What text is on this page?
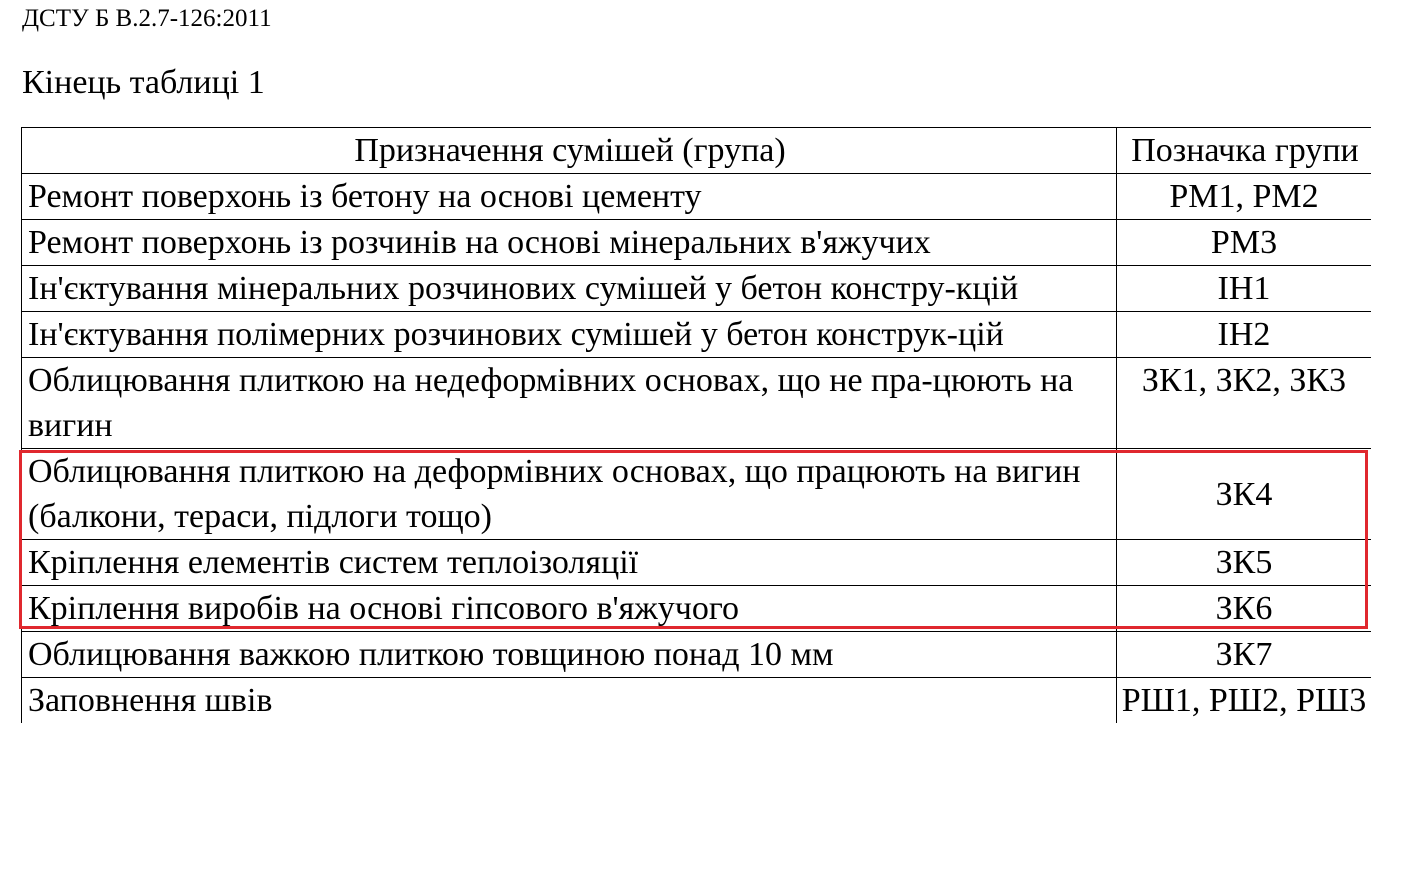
ДСТУ Б В.2.7-126:2011
Кінець таблиці 1
Призначення сумішей (група)	Позначка групи
Ремонт поверхонь із бетону на основі цементу	РМ1, РМ2
Ремонт поверхонь із розчинів на основі мінеральних в'яжучих	РМ3
Ін'єктування мінеральних розчинових сумішей у бетон констру-кцій	ІН1
Ін'єктування полімерних розчинових сумішей у бетон конструк-цій	ІН2
Облицювання плиткою на недеформівних основах, що не пра-цюють на вигин	ЗК1, ЗК2, ЗК3
Облицювання плиткою на деформівних основах, що працюють на вигин (балкони, тераси, підлоги тощо)	ЗК4
Кріплення елементів систем теплоізоляції	ЗК5
Кріплення виробів на основі гіпсового в'яжучого	ЗК6
Облицювання важкою плиткою товщиною понад 10 мм	ЗК7
Заповнення швів	РШ1, РШ2, РШ3
